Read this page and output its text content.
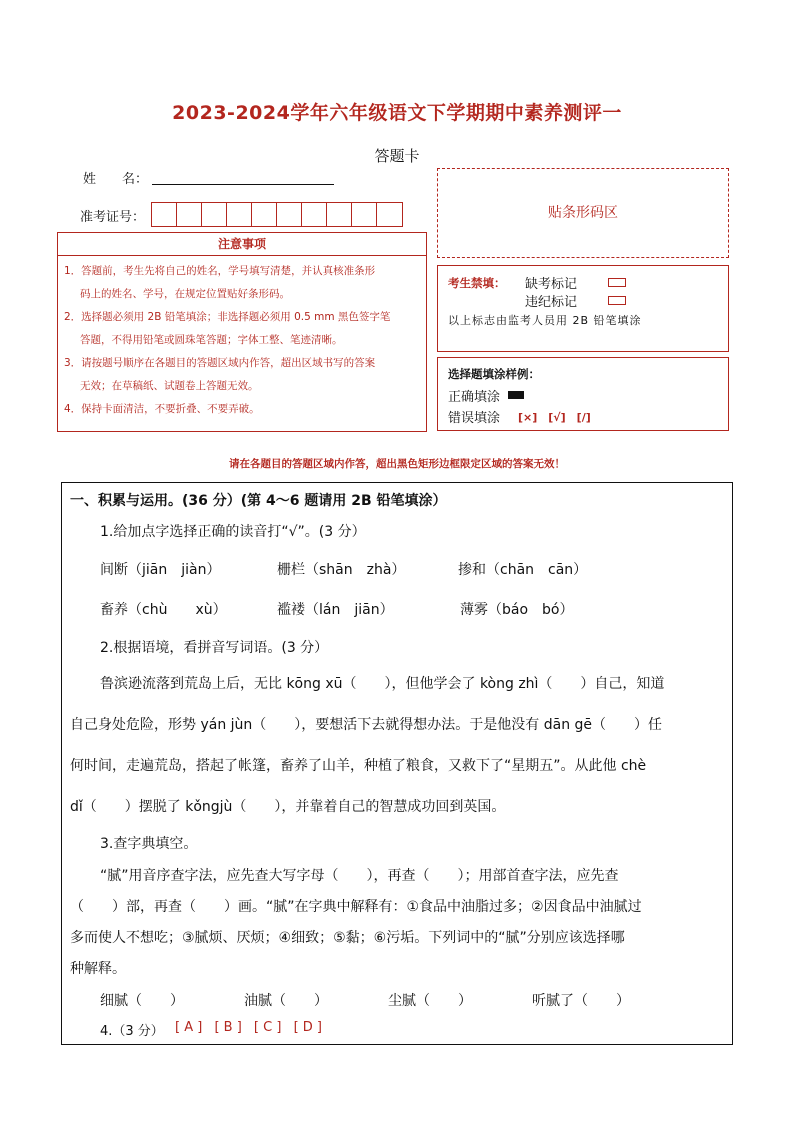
2023-2024学年六年级语文下学期期中素养测评一
答题卡
姓　　名：
准考证号：	贴条形码区
注意事项

1．答题前，考生先将自己的姓名，学号填写清楚，并认真核准条形

码上的姓名、学号，在规定位置贴好条形码。

2．选择题必须用 2B 铅笔填涂；非选择题必须用 0.5 mm 黑色签字笔

答题，不得用铅笔或圆珠笔答题；字体工整、笔迹清晰。

3．请按题号顺序在各题目的答题区域内作答，超出区域书写的答案

无效；在草稿纸、试题卷上答题无效。

4．保持卡面清洁，不要折叠、不要弄破。

考生禁填： 缺考标记
违纪标记
以上标志由监考人员用 2B 铅笔填涂
选择题填涂样例：
正确填涂
错误填涂 [×]　[√]　[/]
请在各题目的答题区域内作答，超出黑色矩形边框限定区域的答案无效！
一、积累与运用。(36 分）(第 4～6 题请用 2B 铅笔填涂）
1.给加点字选择正确的读音打“√”。(3 分）
间断（jiān　jiàn）	栅栏（shān　zhà）	掺和（chān　cān）
畜养（chù　　xù）	褴褛（lán　jiān）	薄雾（báo　bó）
2.根据语境，看拼音写词语。(3 分）
鲁滨逊流落到荒岛上后，无比 kōng xū（　　），但他学会了 kòng zhì（　　）自己，知道
自己身处危险，形势 yán jùn（　　），要想活下去就得想办法。于是他没有 dān gē（　　）任
何时间，走遍荒岛，搭起了帐篷，畜养了山羊，种植了粮食，又救下了“星期五”。从此他 chè
dǐ（　　）摆脱了 kǒngjù（　　），并靠着自己的智慧成功回到英国。
3.查字典填空。
“腻”用音序查字法，应先查大写字母（　　），再查（　　）；用部首查字法，应先查
（　　）部，再查（　　）画。“腻”在字典中解释有：①食品中油脂过多；②因食品中油腻过
多而使人不想吃；③腻烦、厌烦；④细致；⑤黏；⑥污垢。下列词中的“腻”分别应该选择哪
种解释。
细腻（　　）	油腻（　　）	尘腻（　　）	听腻了（　　）
4.（3 分） [ A ] [ B ] [ C ] [ D ]
